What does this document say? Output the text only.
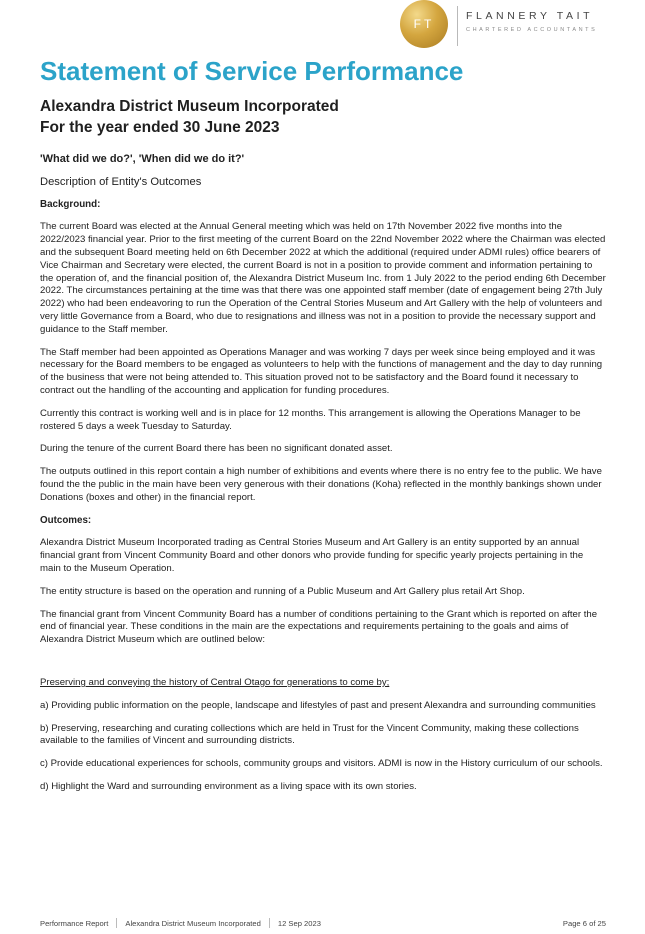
FT
FLANNERY TAIT
CHARTERED ACCOUNTANTS
Statement of Service Performance
Alexandra District Museum Incorporated
For the year ended 30 June 2023

'What did we do?', 'When did we do it?'

Description of Entity's Outcomes

Background:

The current Board was elected at the Annual General meeting which was held on 17th November 2022 five months into the 2022/2023 financial year. Prior to the first meeting of the current Board on the 22nd November 2022 where the Chairman was elected and the subsequent Board meeting held on 6th December 2022 at which the additional (required under ADMI rules) office bearers of Vice Chairman and Secretary were elected, the current Board is not in a position to provide comment and information pertaining to the operation of, and the financial position of, the Alexandra District Museum Inc. from 1 July 2022 to the period ending 6th December 2022. The circumstances pertaining at the time was that there was one appointed staff member (date of engagement being 27th July 2022) who had been endeavoring to run the Operation of the Central Stories Museum and Art Gallery with the help of volunteers and very little Governance from a Board, who due to resignations and illness was not in a position to provide the necessary support and guidance to the Staff member.

The Staff member had been appointed as Operations Manager and was working 7 days per week since being employed and it was necessary for the Board members to be engaged as volunteers to help with the functions of management and the day to day running of the business that were not being attended to. This situation proved not to be satisfactory and the Board found it necessary to contract out the handling of the accounting and application for funding procedures.

Currently this contract is working well and is in place for 12 months. This arrangement is allowing the Operations Manager to be rostered 5 days a week Tuesday to Saturday.

During the tenure of the current Board there has been no significant donated asset.

The outputs outlined in this report contain a high number of exhibitions and events where there is no entry fee to the public. We have found the the public in the main have been very generous with their donations (Koha) reflected in the monthly bankings shown under Donations (boxes and other) in the financial report.

Outcomes:

Alexandra District Museum Incorporated trading as Central Stories Museum and Art Gallery is an entity supported by an annual financial grant from Vincent Community Board and other donors who provide funding for specific yearly projects pertaining in the main to the Museum Operation.

The entity structure is based on the operation and running of a Public Museum and Art Gallery plus retail Art Shop.

The financial grant from Vincent Community Board has a number of conditions pertaining to the Grant which is reported on after the end of financial year. These conditions in the main are the expectations and requirements pertaining to the goals and aims of Alexandra District Museum which are outlined below:

Preserving and conveying the history of Central Otago for generations to come by;

a) Providing public information on the people, landscape and lifestyles of past and present Alexandra and surrounding communities

b) Preserving, researching and curating collections which are held in Trust for the Vincent Community, making these collections available to the families of Vincent and surrounding districts.

c) Provide educational experiences for schools, community groups and visitors. ADMI is now in the History curriculum of our schools.

d) Highlight the Ward and surrounding environment as a living space with its own stories.

Performance Report Alexandra District Museum Incorporated 12 Sep 2023	Page 6 of 25
